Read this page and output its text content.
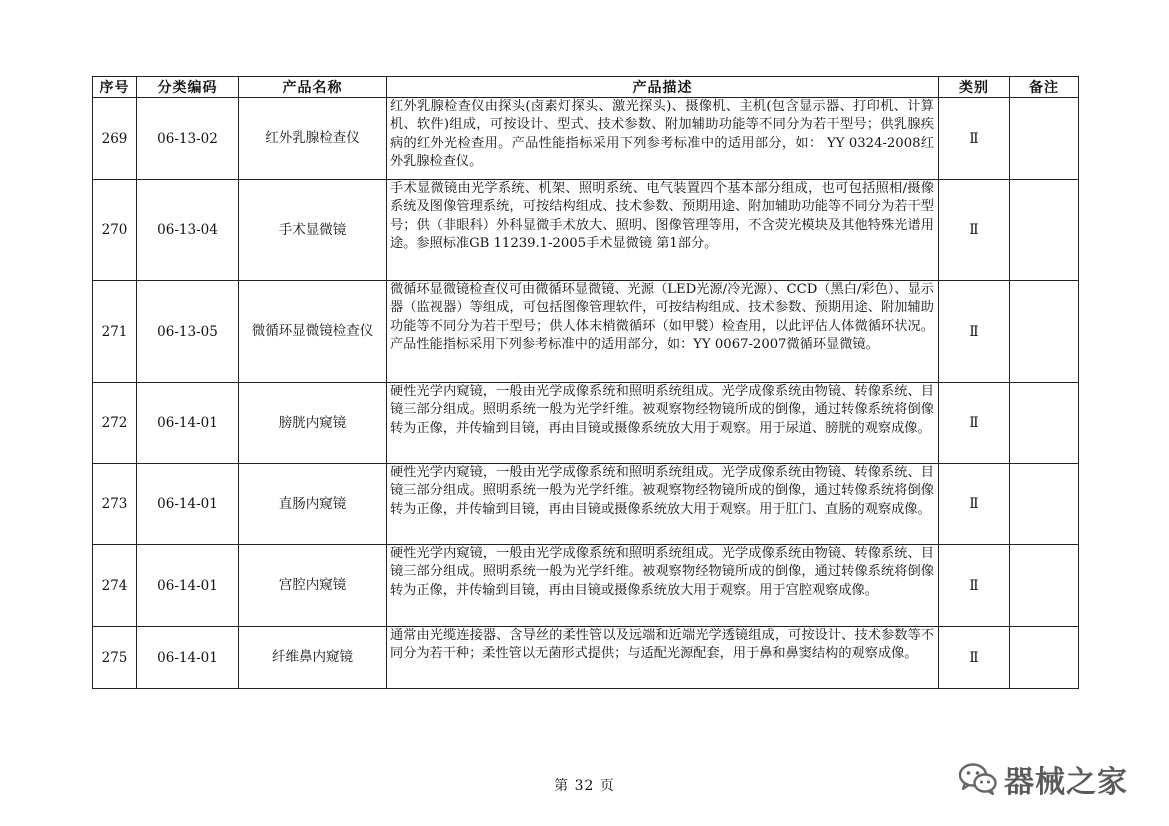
序号	分类编码	产品名称	产品描述	类别	备注
269	06-13-02	红外乳腺检查仪	红外乳腺检查仪由探头(卤素灯探头、激光探头)、摄像机、主机(包含显示器、打印机、计算机、软件)组成，可按设计、型式、技术参数、附加辅助功能等不同分为若干型号；供乳腺疾病的红外光检查用。产品性能指标采用下列参考标准中的适用部分，如： YY 0324-2008红外乳腺检查仪。	Ⅱ	
270	06-13-04	手术显微镜	手术显微镜由光学系统、机架、照明系统、电气装置四个基本部分组成，也可包括照相/摄像系统及图像管理系统，可按结构组成、技术参数、预期用途、附加辅助功能等不同分为若干型号；供（非眼科）外科显微手术放大、照明、图像管理等用，不含荧光模块及其他特殊光谱用途。参照标准GB 11239.1-2005手术显微镜 第1部分。	Ⅱ	
271	06-13-05	微循环显微镜检查仪	微循环显微镜检查仪可由微循环显微镜、光源（LED光源/冷光源）、CCD（黑白/彩色）、显示器（监视器）等组成，可包括图像管理软件，可按结构组成、技术参数、预期用途、附加辅助功能等不同分为若干型号；供人体末梢微循环（如甲襞）检查用，以此评估人体微循环状况。产品性能指标采用下列参考标准中的适用部分，如：YY 0067-2007微循环显微镜。	Ⅱ	
272	06-14-01	膀胱内窥镜	硬性光学内窥镜，一般由光学成像系统和照明系统组成。光学成像系统由物镜、转像系统、目镜三部分组成。照明系统一般为光学纤维。被观察物经物镜所成的倒像，通过转像系统将倒像转为正像，并传输到目镜，再由目镜或摄像系统放大用于观察。用于尿道、膀胱的观察成像。	Ⅱ	
273	06-14-01	直肠内窥镜	硬性光学内窥镜，一般由光学成像系统和照明系统组成。光学成像系统由物镜、转像系统、目镜三部分组成。照明系统一般为光学纤维。被观察物经物镜所成的倒像，通过转像系统将倒像转为正像，并传输到目镜，再由目镜或摄像系统放大用于观察。用于肛门、直肠的观察成像。	Ⅱ	
274	06-14-01	宫腔内窥镜	硬性光学内窥镜，一般由光学成像系统和照明系统组成。光学成像系统由物镜、转像系统、目镜三部分组成。照明系统一般为光学纤维。被观察物经物镜所成的倒像，通过转像系统将倒像转为正像，并传输到目镜，再由目镜或摄像系统放大用于观察。用于宫腔观察成像。	Ⅱ	
275	06-14-01	纤维鼻内窥镜	通常由光缆连接器、含导丝的柔性管以及远端和近端光学透镜组成，可按设计、技术参数等不同分为若干种；柔性管以无菌形式提供；与适配光源配套，用于鼻和鼻窦结构的观察成像。	Ⅱ	
第 32 页	器械之家
